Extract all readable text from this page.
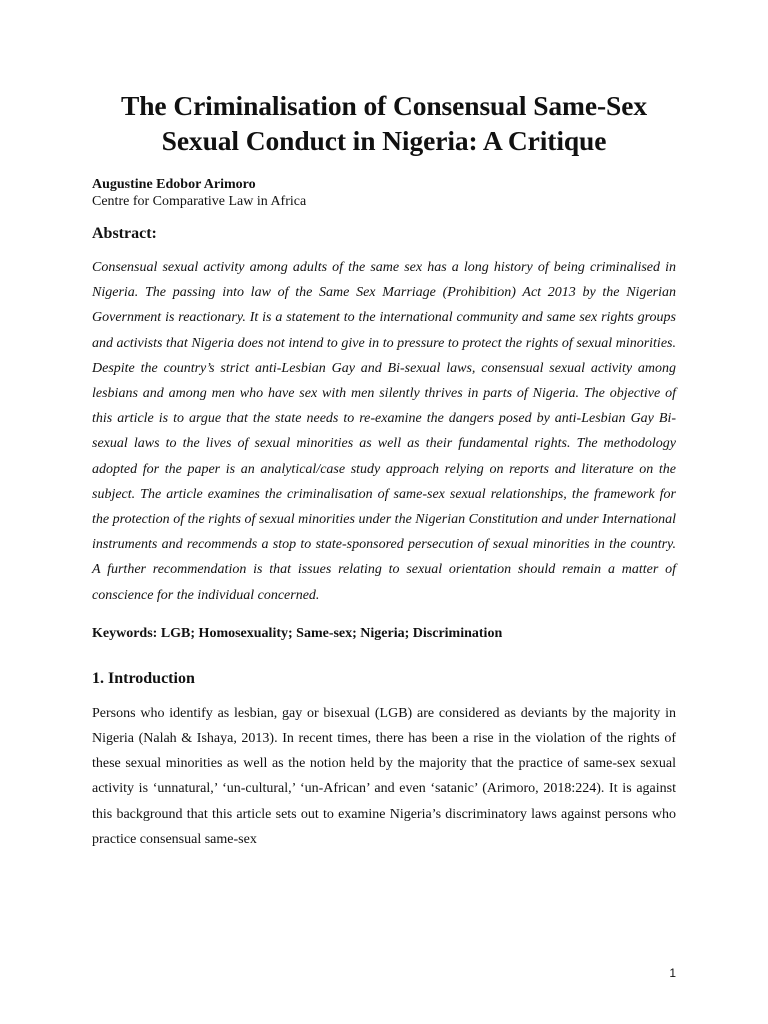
The Criminalisation of Consensual Same-Sex Sexual Conduct in Nigeria: A Critique
Augustine Edobor Arimoro
Centre for Comparative Law in Africa
Abstract:

Consensual sexual activity among adults of the same sex has a long history of being criminalised in Nigeria. The passing into law of the Same Sex Marriage (Prohibition) Act 2013 by the Nigerian Government is reactionary. It is a statement to the international community and same sex rights groups and activists that Nigeria does not intend to give in to pressure to protect the rights of sexual minorities. Despite the country’s strict anti-Lesbian Gay and Bi-sexual laws, consensual sexual activity among lesbians and among men who have sex with men silently thrives in parts of Nigeria. The objective of this article is to argue that the state needs to re-examine the dangers posed by anti-Lesbian Gay Bi-sexual laws to the lives of sexual minorities as well as their fundamental rights. The methodology adopted for the paper is an analytical/case study approach relying on reports and literature on the subject. The article examines the criminalisation of same-sex sexual relationships, the framework for the protection of the rights of sexual minorities under the Nigerian Constitution and under International instruments and recommends a stop to state-sponsored persecution of sexual minorities in the country. A further recommendation is that issues relating to sexual orientation should remain a matter of conscience for the individual concerned.

Keywords: LGB; Homosexuality; Same-sex; Nigeria; Discrimination
1. Introduction

Persons who identify as lesbian, gay or bisexual (LGB) are considered as deviants by the majority in Nigeria (Nalah & Ishaya, 2013). In recent times, there has been a rise in the violation of the rights of these sexual minorities as well as the notion held by the majority that the practice of same-sex sexual activity is ‘unnatural,’ ‘un-cultural,’ ‘un-African’ and even ‘satanic’ (Arimoro, 2018:224). It is against this background that this article sets out to examine Nigeria’s discriminatory laws against persons who practice consensual same-sex

1
